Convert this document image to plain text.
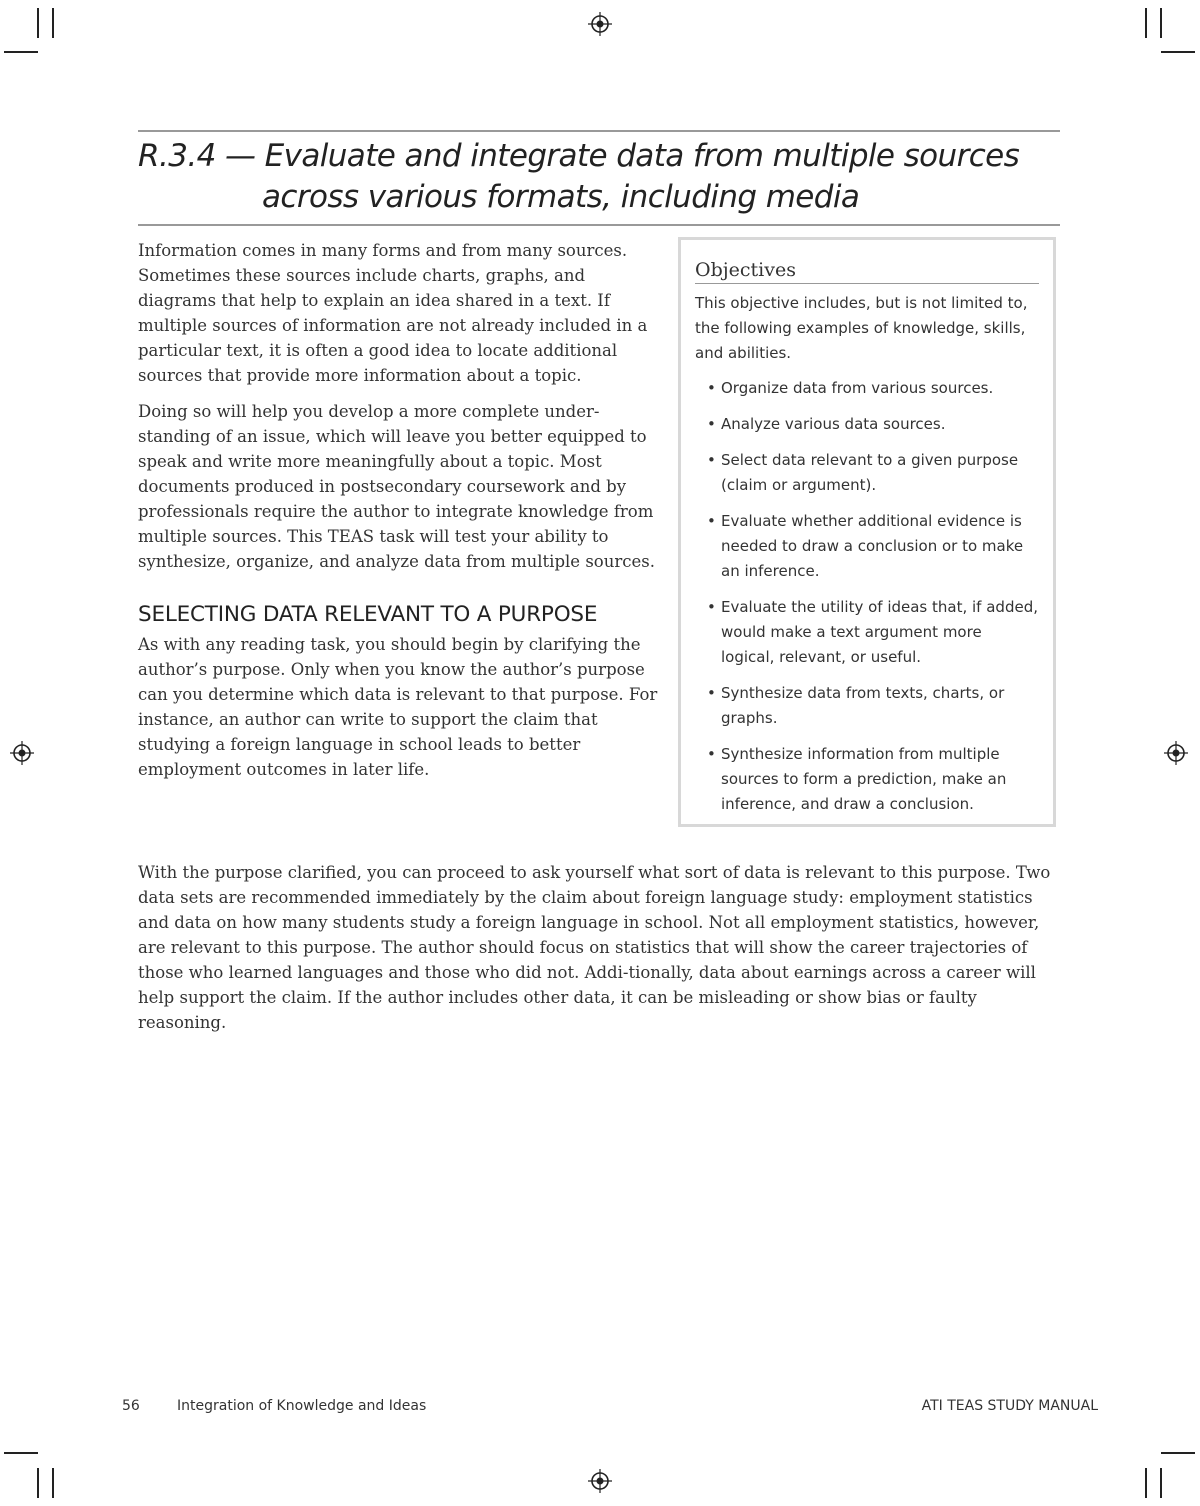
R.3.4 — Evaluate and integrate data from multiple sources
across various formats, including media

Information comes in many forms and from many sources. Sometimes these sources include charts, graphs, and diagrams that help to explain an idea shared in a text. If multiple sources of information are not already included in a particular text, it is often a good idea to locate additional sources that provide more information about a topic.

Doing so will help you develop a more complete under-standing of an issue, which will leave you better equipped to speak and write more meaningfully about a topic. Most documents produced in postsecondary coursework and by professionals require the author to integrate knowledge from multiple sources. This TEAS task will test your ability to synthesize, organize, and analyze data from multiple sources.

SELECTING DATA RELEVANT TO A PURPOSE

As with any reading task, you should begin by clarifying the author’s purpose. Only when you know the author’s purpose can you determine which data is relevant to that purpose. For instance, an author can write to support the claim that studying a foreign language in school leads to better employment outcomes in later life.

With the purpose clarified, you can proceed to ask yourself what sort of data is relevant to this purpose. Two data sets are recommended immediately by the claim about foreign language study: employment statistics and data on how many students study a foreign language in school. Not all employment statistics, however, are relevant to this purpose. The author should focus on statistics that will show the career trajectories of those who learned languages and those who did not. Addi-tionally, data about earnings across a career will help support the claim. If the author includes other data, it can be misleading or show bias or faulty reasoning.

Objectives
This objective includes, but is not limited to, the following examples of knowledge, skills, and abilities.
• Organize data from various sources.
• Analyze various data sources.
• Select data relevant to a given purpose (claim or argument).
• Evaluate whether additional evidence is needed to draw a conclusion or to make an inference.
• Evaluate the utility of ideas that, if added, would make a text argument more logical, relevant, or useful.
• Synthesize data from texts, charts, or graphs.
• Synthesize information from multiple sources to form a prediction, make an inference, and draw a conclusion.
56	Integration of Knowledge and Ideas	ATI TEAS STUDY MANUAL
